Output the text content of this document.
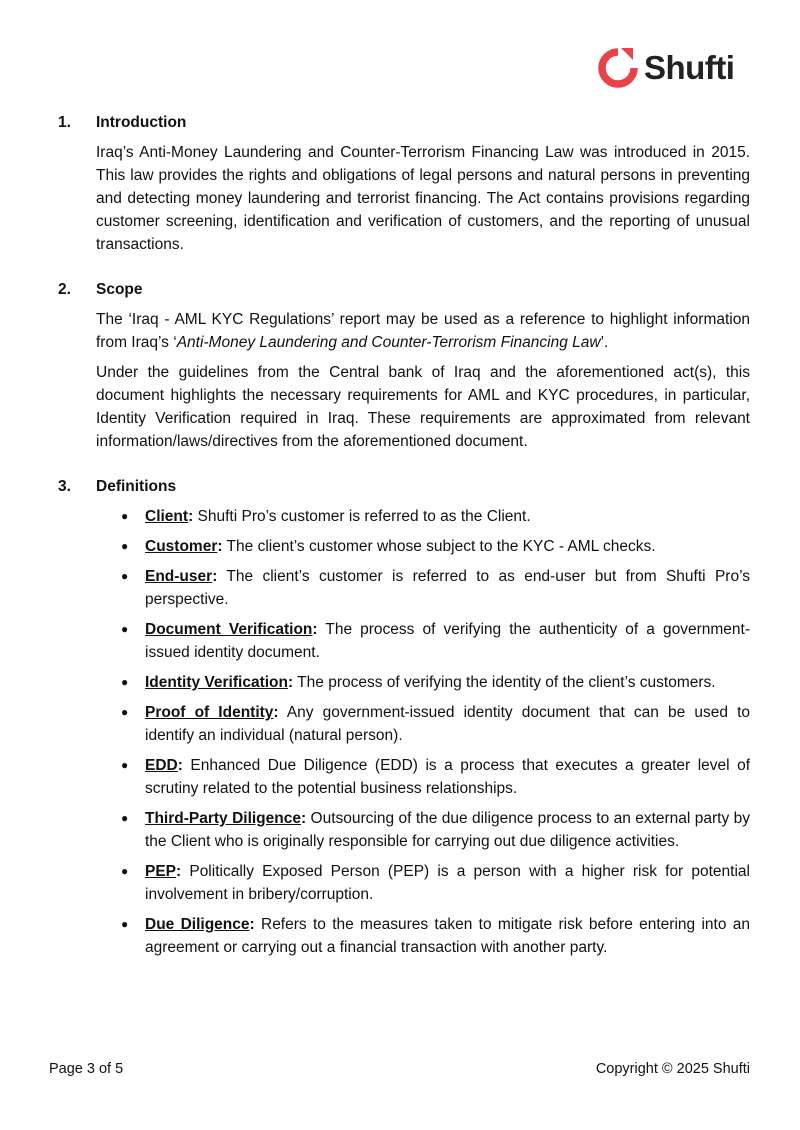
Shufti
1. Introduction

Iraq’s Anti-Money Laundering and Counter-Terrorism Financing Law was introduced in 2015. This law provides the rights and obligations of legal persons and natural persons in preventing and detecting money laundering and terrorist financing. The Act contains provisions regarding customer screening, identification and verification of customers, and the reporting of unusual transactions.

2. Scope

The ‘Iraq - AML KYC Regulations’ report may be used as a reference to highlight information from Iraq’s ‘Anti-Money Laundering and Counter-Terrorism Financing Law’.

Under the guidelines from the Central bank of Iraq and the aforementioned act(s), this document highlights the necessary requirements for AML and KYC procedures, in particular, Identity Verification required in Iraq. These requirements are approximated from relevant information/laws/directives from the aforementioned document.

3. Definitions
● Client: Shufti Pro’s customer is referred to as the Client.
● Customer: The client’s customer whose subject to the KYC - AML checks.
● End-user: The client’s customer is referred to as end-user but from Shufti Pro’s perspective.
● Document Verification: The process of verifying the authenticity of a government-issued identity document.
● Identity Verification: The process of verifying the identity of the client’s customers.
● Proof of Identity: Any government-issued identity document that can be used to identify an individual (natural person).
● EDD: Enhanced Due Diligence (EDD) is a process that executes a greater level of scrutiny related to the potential business relationships.
● Third-Party Diligence: Outsourcing of the due diligence process to an external party by the Client who is originally responsible for carrying out due diligence activities.
● PEP: Politically Exposed Person (PEP) is a person with a higher risk for potential involvement in bribery/corruption.
● Due Diligence: Refers to the measures taken to mitigate risk before entering into an agreement or carrying out a financial transaction with another party.
Page 3 of 5	Copyright © 2025 Shufti
